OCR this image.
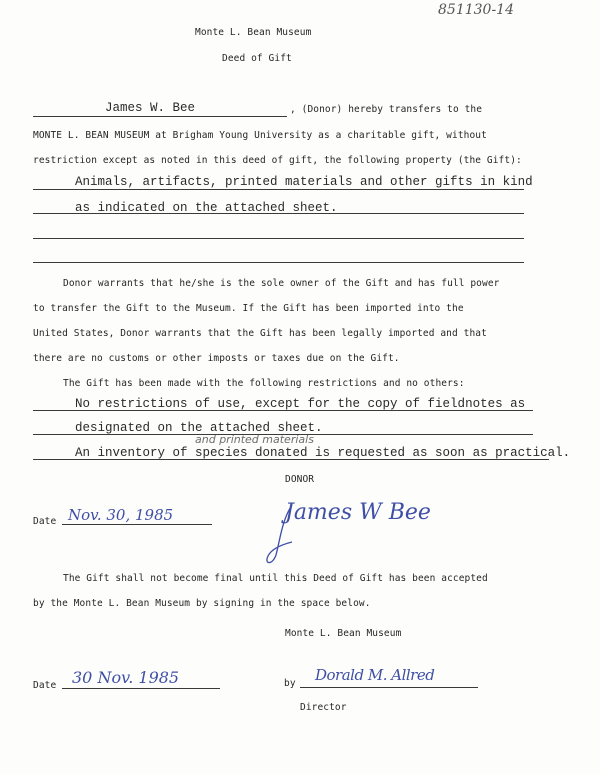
851130-14
Monte L. Bean Museum
Deed of Gift
James W. Bee	, (Donor) hereby transfers to the
MONTE L. BEAN MUSEUM at Brigham Young University as a charitable gift, without
restriction except as noted in this deed of gift, the following property (the Gift):
Animals, artifacts, printed materials and other gifts in kind
as indicated on the attached sheet.
Donor warrants that he/she is the sole owner of the Gift and has full power
to transfer the Gift to the Museum. If the Gift has been imported into the
United States, Donor warrants that the Gift has been legally imported and that
there are no customs or other imposts or taxes due on the Gift.
The Gift has been made with the following restrictions and no others:
No restrictions of use, except for the copy of fieldnotes as
designated on the attached sheet.
and printed materials
An inventory of species donated is requested as soon as practical.
DONOR
Date Nov. 30, 1985	James W Bee
The Gift shall not become final until this Deed of Gift has been accepted
by the Monte L. Bean Museum by signing in the space below.
Monte L. Bean Museum
Date 30 Nov. 1985	by Dorald M. Allred
Director
